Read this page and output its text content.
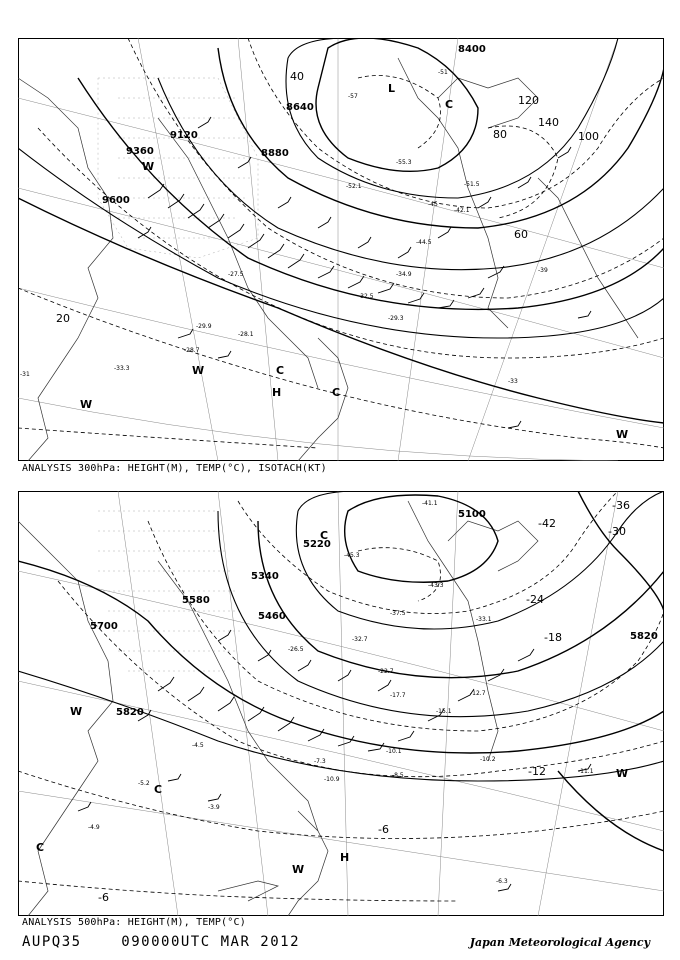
8400
8640
8880
9120
9360
9600
20
40
60
80	100
120
140
-51
-57
-55.3
-52.1	-51.5
-45
-44.5
-42.1
-39
-33
-34.9
-32.5
-29.3
-28.7
-28.1
-27.5
-29.9
-33.3
-31
L
C
C
H
W
W
W
W
C
ANALYSIS 300hPa: HEIGHT(M), TEMP(°C), ISOTACH(KT)
5100
5220
5340
5460
5580
5700
5820
5820
-30
-36
-42
-18
-24
-12
-6
-6
-41.1
-45.3
-43.3
-37.5
-33.1
-32.7
-26.5
-22.7
-17.7
-15.1
-12.7
-10.1
-10.9
-8.5
-7.3
-4.5
-5.2
-3.9
-4.9
-6.3
-11.1
-10.2
C
C
H
W
W
W
C
ANALYSIS 500hPa: HEIGHT(M), TEMP(°C)
AUPQ35	090000UTC MAR 2012	Japan Meteorological Agency
